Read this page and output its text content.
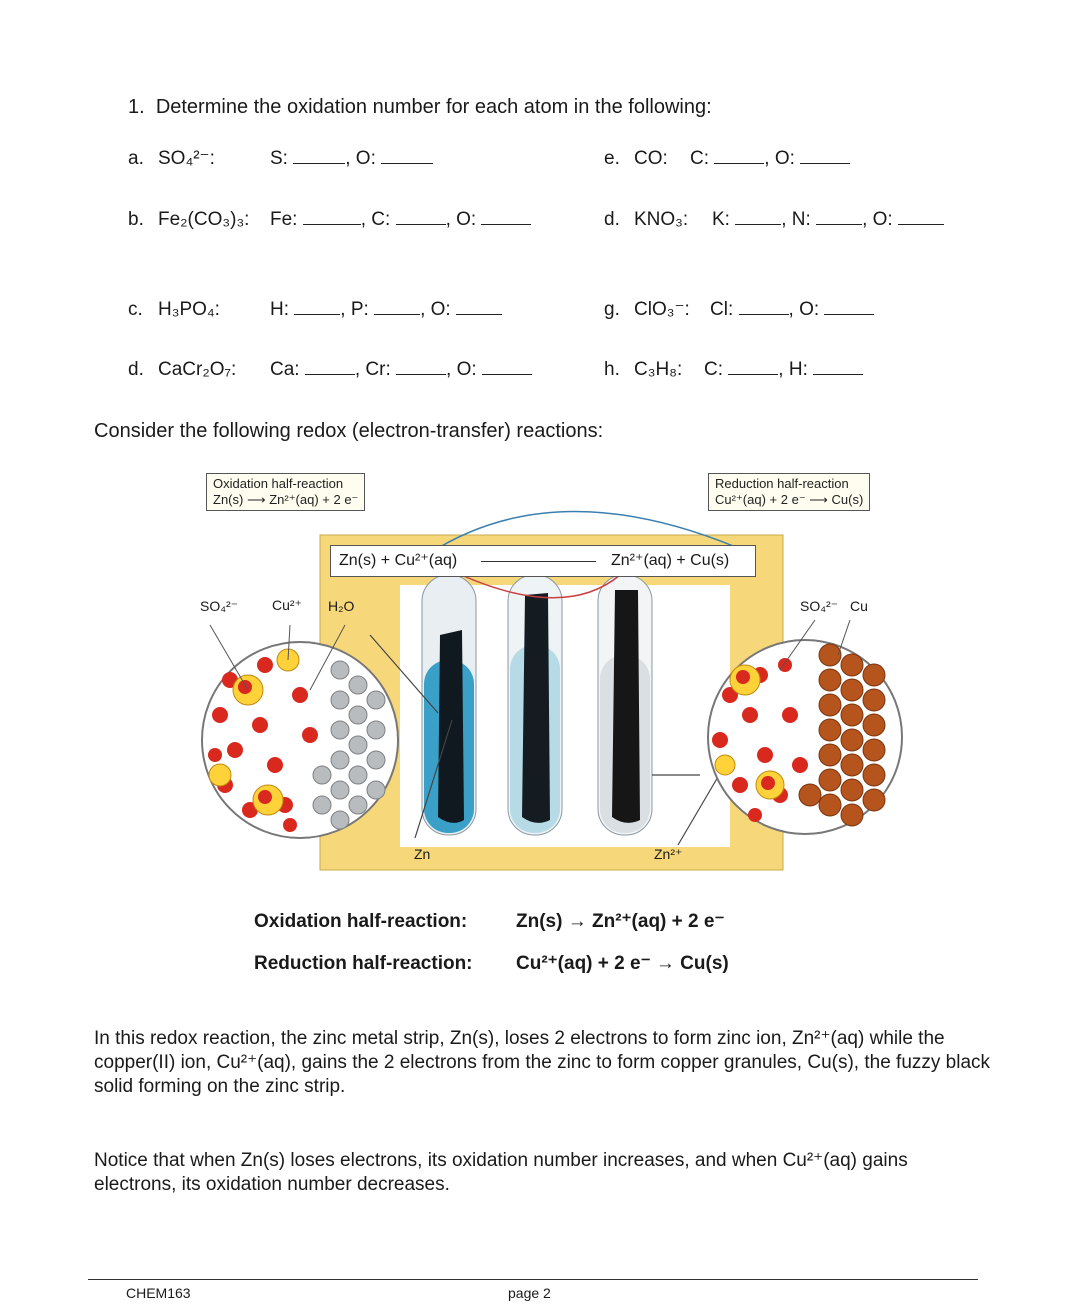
1. Determine the oxidation number for each atom in the following:
a. SO₄²⁻:	S:	, O:	e. CO: C:	, O:
b. Fe₂(CO₃)₃: Fe:	, C:	, O:	d. KNO₃: K:	, N:	, O:
c. H₃PO₄:	H:	, P:	, O:	g. ClO₃⁻: Cl:	, O:
d. CaCr₂O₇: Ca:	, Cr:	, O:	h. C₃H₈: C:	, H:
Consider the following redox (electron-transfer) reactions:
Oxidation half-reaction
Zn(s) ⟶ Zn²⁺(aq) + 2 e⁻
Reduction half-reaction
Cu²⁺(aq) + 2 e⁻ ⟶ Cu(s)
Zn(s) + Cu²⁺(aq)	Zn²⁺(aq) + Cu(s)
SO₄²⁻ Cu²⁺ H₂O	SO₄²⁻ Cu
Zn	Zn²⁺
Oxidation half-reaction:	Zn(s) → Zn²⁺(aq) + 2 e⁻
Reduction half-reaction: Cu²⁺(aq) + 2 e⁻ → Cu(s)
In this redox reaction, the zinc metal strip, Zn(s), loses 2 electrons to form zinc ion, Zn²⁺(aq) while the copper(II) ion, Cu²⁺(aq), gains the 2 electrons from the zinc to form copper granules, Cu(s), the fuzzy black solid forming on the zinc strip.
Notice that when Zn(s) loses electrons, its oxidation number increases, and when Cu²⁺(aq) gains electrons, its oxidation number decreases.
CHEM163	page 2
